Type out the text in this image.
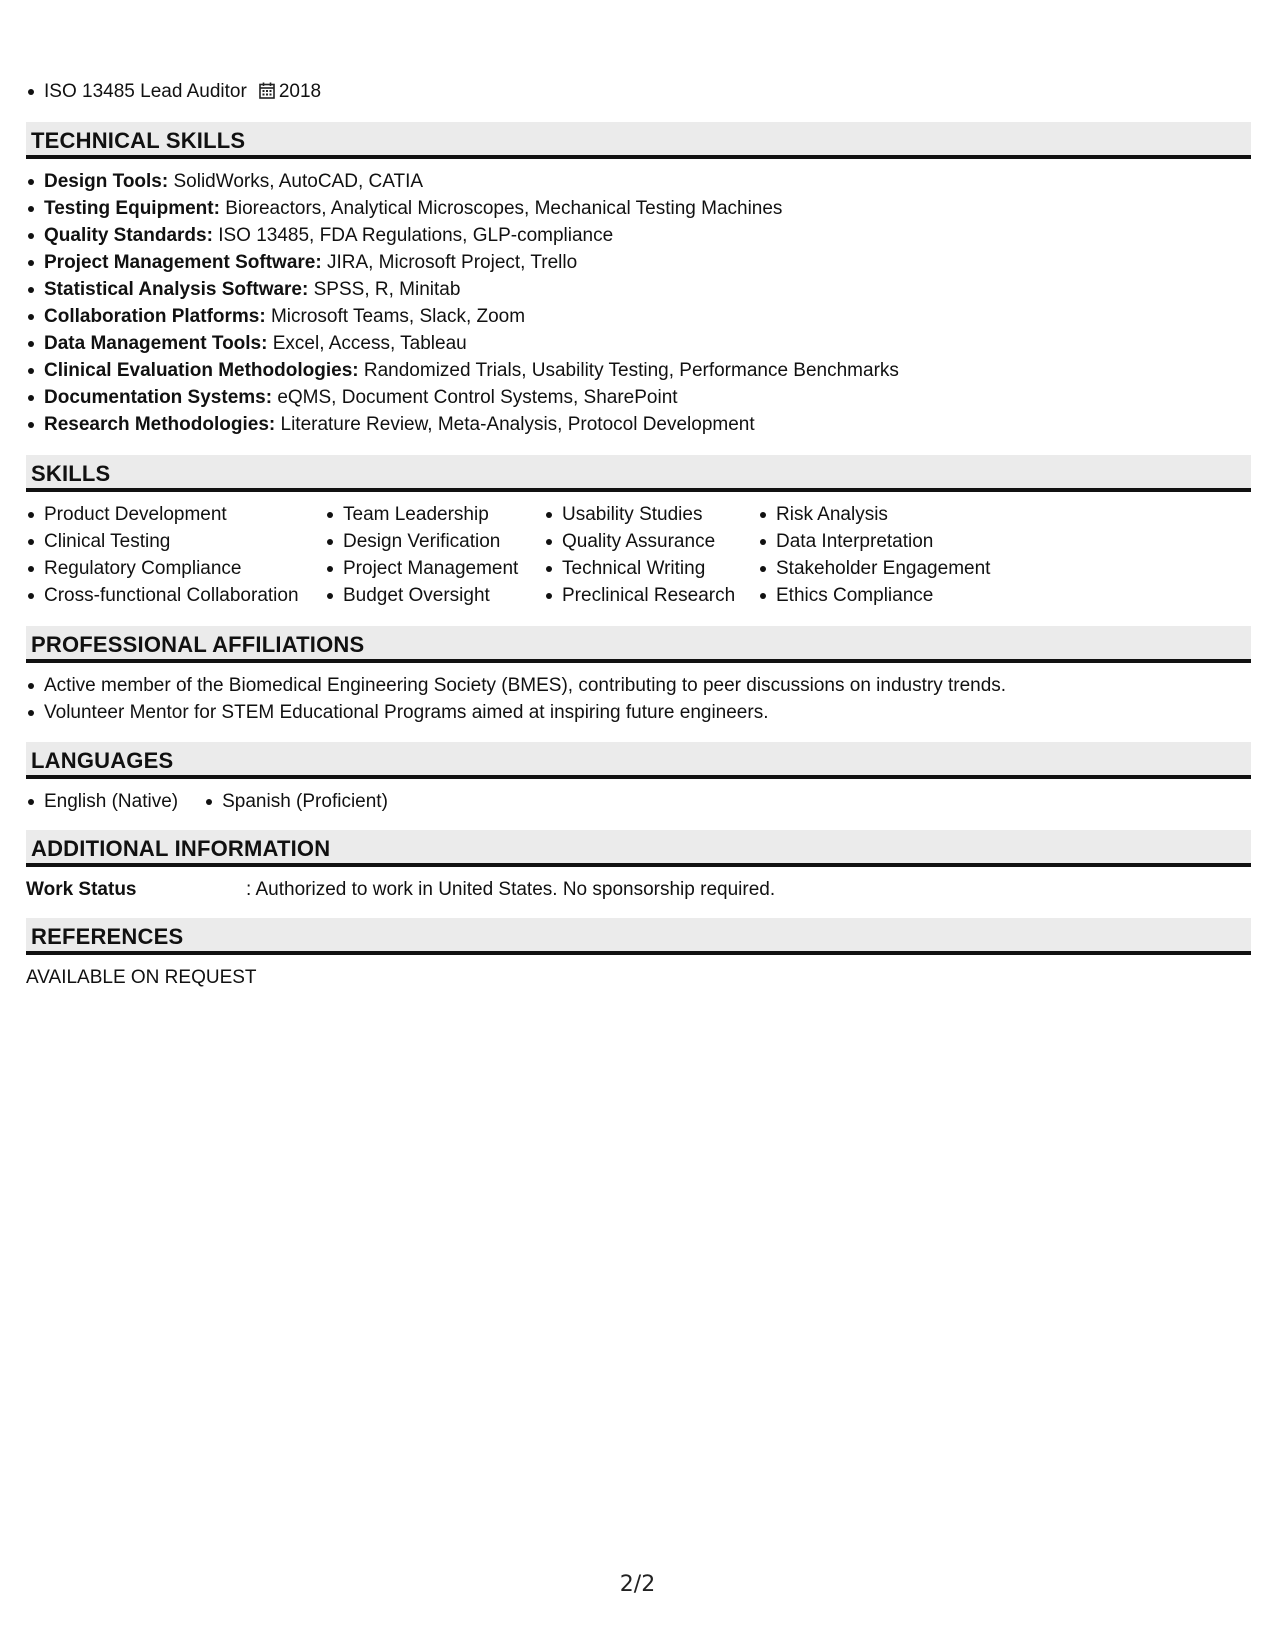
ISO 13485 Lead Auditor 2018
TECHNICAL SKILLS
Design Tools: SolidWorks, AutoCAD, CATIA
Testing Equipment: Bioreactors, Analytical Microscopes, Mechanical Testing Machines
Quality Standards: ISO 13485, FDA Regulations, GLP-compliance
Project Management Software: JIRA, Microsoft Project, Trello
Statistical Analysis Software: SPSS, R, Minitab
Collaboration Platforms: Microsoft Teams, Slack, Zoom
Data Management Tools: Excel, Access, Tableau
Clinical Evaluation Methodologies: Randomized Trials, Usability Testing, Performance Benchmarks
Documentation Systems: eQMS, Document Control Systems, SharePoint
Research Methodologies: Literature Review, Meta-Analysis, Protocol Development
SKILLS
Product Development
Clinical Testing
Regulatory Compliance
Cross-functional Collaboration
Team Leadership
Design Verification
Project Management
Budget Oversight
Usability Studies
Quality Assurance
Technical Writing
Preclinical Research
Risk Analysis
Data Interpretation
Stakeholder Engagement
Ethics Compliance
PROFESSIONAL AFFILIATIONS
Active member of the Biomedical Engineering Society (BMES), contributing to peer discussions on industry trends.
Volunteer Mentor for STEM Educational Programs aimed at inspiring future engineers.
LANGUAGES
English (Native)	Spanish (Proficient)
ADDITIONAL INFORMATION
Work Status	: Authorized to work in United States. No sponsorship required.
REFERENCES
AVAILABLE ON REQUEST
2/2
